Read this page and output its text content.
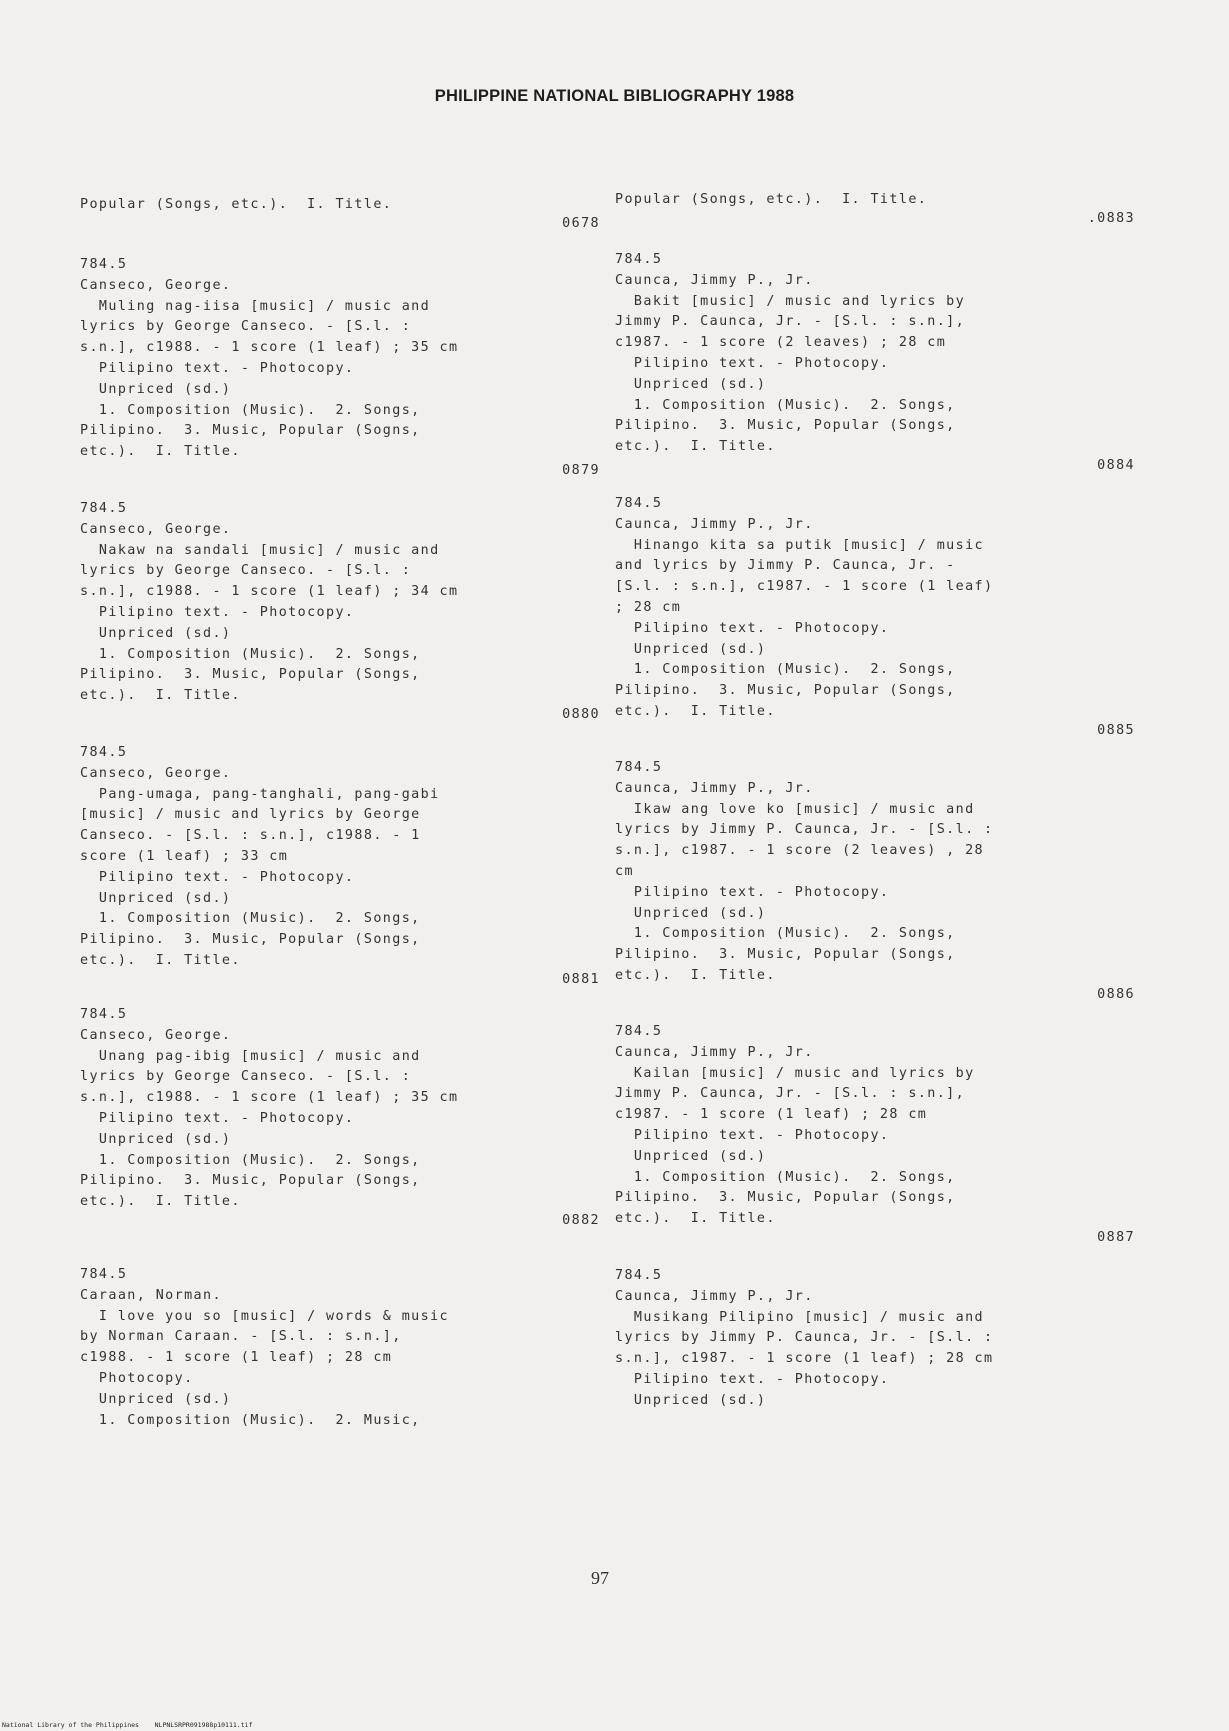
PHILIPPINE NATIONAL BIBLIOGRAPHY 1988
Popular (Songs, etc.).  I. Title.
0678
784.5
Canseco, George.
Muling nag-iisa [music] / music and
lyrics by George Canseco. - [S.l. :
s.n.], c1988. - 1 score (1 leaf) ; 35 cm
Pilipino text. - Photocopy.
Unpriced (sd.)
1. Composition (Music).  2. Songs,
Pilipino.  3. Music, Popular (Sogns,
etc.).  I. Title.
0879
784.5
Canseco, George.
Nakaw na sandali [music] / music and
lyrics by George Canseco. - [S.l. :
s.n.], c1988. - 1 score (1 leaf) ; 34 cm
Pilipino text. - Photocopy.
Unpriced (sd.)
1. Composition (Music).  2. Songs,
Pilipino.  3. Music, Popular (Songs,
etc.).  I. Title.
0880
784.5
Canseco, George.
Pang-umaga, pang-tanghali, pang-gabi
[music] / music and lyrics by George
Canseco. - [S.l. : s.n.], c1988. - 1
score (1 leaf) ; 33 cm
Pilipino text. - Photocopy.
Unpriced (sd.)
1. Composition (Music).  2. Songs,
Pilipino.  3. Music, Popular (Songs,
etc.).  I. Title.
0881
784.5
Canseco, George.
Unang pag-ibig [music] / music and
lyrics by George Canseco. - [S.l. :
s.n.], c1988. - 1 score (1 leaf) ; 35 cm
Pilipino text. - Photocopy.
Unpriced (sd.)
1. Composition (Music).  2. Songs,
Pilipino.  3. Music, Popular (Songs,
etc.).  I. Title.
0882
784.5
Caraan, Norman.
I love you so [music] / words & music
by Norman Caraan. - [S.l. : s.n.],
c1988. - 1 score (1 leaf) ; 28 cm
Photocopy.
Unpriced (sd.)
1. Composition (Music).  2. Music,
Popular (Songs, etc.).  I. Title.
.0883
784.5
Caunca, Jimmy P., Jr.
Bakit [music] / music and lyrics by
Jimmy P. Caunca, Jr. - [S.l. : s.n.],
c1987. - 1 score (2 leaves) ; 28 cm
Pilipino text. - Photocopy.
Unpriced (sd.)
1. Composition (Music).  2. Songs,
Pilipino.  3. Music, Popular (Songs,
etc.).  I. Title.
0884
784.5
Caunca, Jimmy P., Jr.
Hinango kita sa putik [music] / music
and lyrics by Jimmy P. Caunca, Jr. -
[S.l. : s.n.], c1987. - 1 score (1 leaf)
; 28 cm
Pilipino text. - Photocopy.
Unpriced (sd.)
1. Composition (Music).  2. Songs,
Pilipino.  3. Music, Popular (Songs,
etc.).  I. Title.
0885
784.5
Caunca, Jimmy P., Jr.
Ikaw ang love ko [music] / music and
lyrics by Jimmy P. Caunca, Jr. - [S.l. :
s.n.], c1987. - 1 score (2 leaves) , 28
cm
Pilipino text. - Photocopy.
Unpriced (sd.)
1. Composition (Music).  2. Songs,
Pilipino.  3. Music, Popular (Songs,
etc.).  I. Title.
0886
784.5
Caunca, Jimmy P., Jr.
Kailan [music] / music and lyrics by
Jimmy P. Caunca, Jr. - [S.l. : s.n.],
c1987. - 1 score (1 leaf) ; 28 cm
Pilipino text. - Photocopy.
Unpriced (sd.)
1. Composition (Music).  2. Songs,
Pilipino.  3. Music, Popular (Songs,
etc.).  I. Title.
0887
784.5
Caunca, Jimmy P., Jr.
Musikang Pilipino [music] / music and
lyrics by Jimmy P. Caunca, Jr. - [S.l. :
s.n.], c1987. - 1 score (1 leaf) ; 28 cm
Pilipino text. - Photocopy.
Unpriced (sd.)
97
National Library of the Philippines    NLPNLSRPR091988p10111.tif
